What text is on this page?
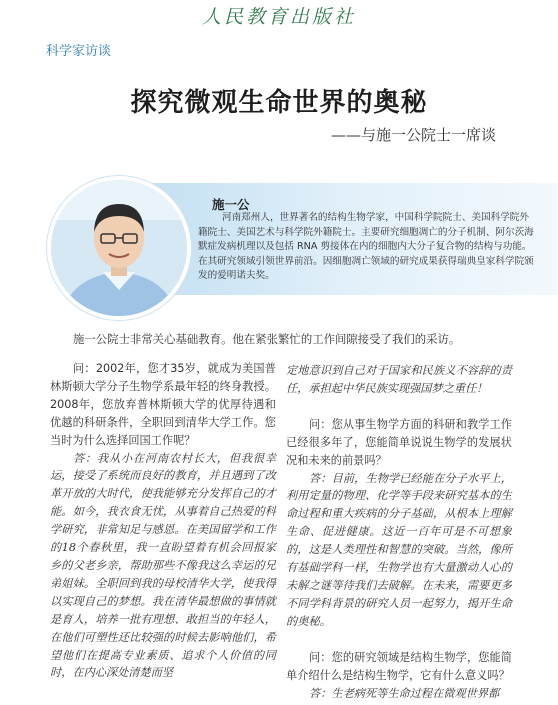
人民教育出版社
科学家访谈
探究微观生命世界的奥秘
——与施一公院士一席谈
施一公
河南郑州人，世界著名的结构生物学家，中国科学院院士、美国科学院外籍院士、美国艺术与科学院外籍院士。主要研究细胞凋亡的分子机制、阿尔茨海默症发病机理以及包括 RNA 剪接体在内的细胞内大分子复合物的结构与功能。在其研究领域引领世界前沿。因细胞凋亡领域的研究成果获得瑞典皇家科学院颁发的爱明诺夫奖。
施一公院士非常关心基础教育。他在紧张繁忙的工作间隙接受了我们的采访。

问：2002年，您才35岁，就成为美国普林斯顿大学分子生物学系最年轻的终身教授。2008年，您放弃普林斯顿大学的优厚待遇和优越的科研条件，全职回到清华大学工作。您当时为什么选择回国工作呢？

答：我从小在河南农村长大，但我很幸运，接受了系统而良好的教育，并且遇到了改革开放的大时代，使我能够充分发挥自己的才能。如今，我衣食无忧，从事着自己热爱的科学研究，非常知足与感恩。在美国留学和工作的18个春秋里，我一直盼望着有机会回报家乡的父老乡亲，帮助那些不像我这么幸运的兄弟姐妹。全职回到我的母校清华大学，使我得以实现自己的梦想。我在清华最想做的事情就是育人，培养一批有理想、敢担当的年轻人，在他们可塑性还比较强的时候去影响他们，希望他们在提高专业素质、追求个人价值的同时，在内心深处清楚而坚

定地意识到自己对于国家和民族义不容辞的责任，承担起中华民族实现强国梦之重任！

问：您从事生物学方面的科研和教学工作已经很多年了，您能简单说说生物学的发展状况和未来的前景吗？

答：目前，生物学已经能在分子水平上，利用定量的物理、化学等手段来研究基本的生命过程和重大疾病的分子基础，从根本上理解生命、促进健康。这近一百年可是不可想象的，这是人类理性和智慧的突破。当然，像所有基础学科一样，生物学也有大量激动人心的未解之谜等待我们去破解。在未来，需要更多不同学科背景的研究人员一起努力，揭开生命的奥秘。

问：您的研究领域是结构生物学，您能简单介绍什么是结构生物学，它有什么意义吗？

答：生老病死等生命过程在微观世界都
